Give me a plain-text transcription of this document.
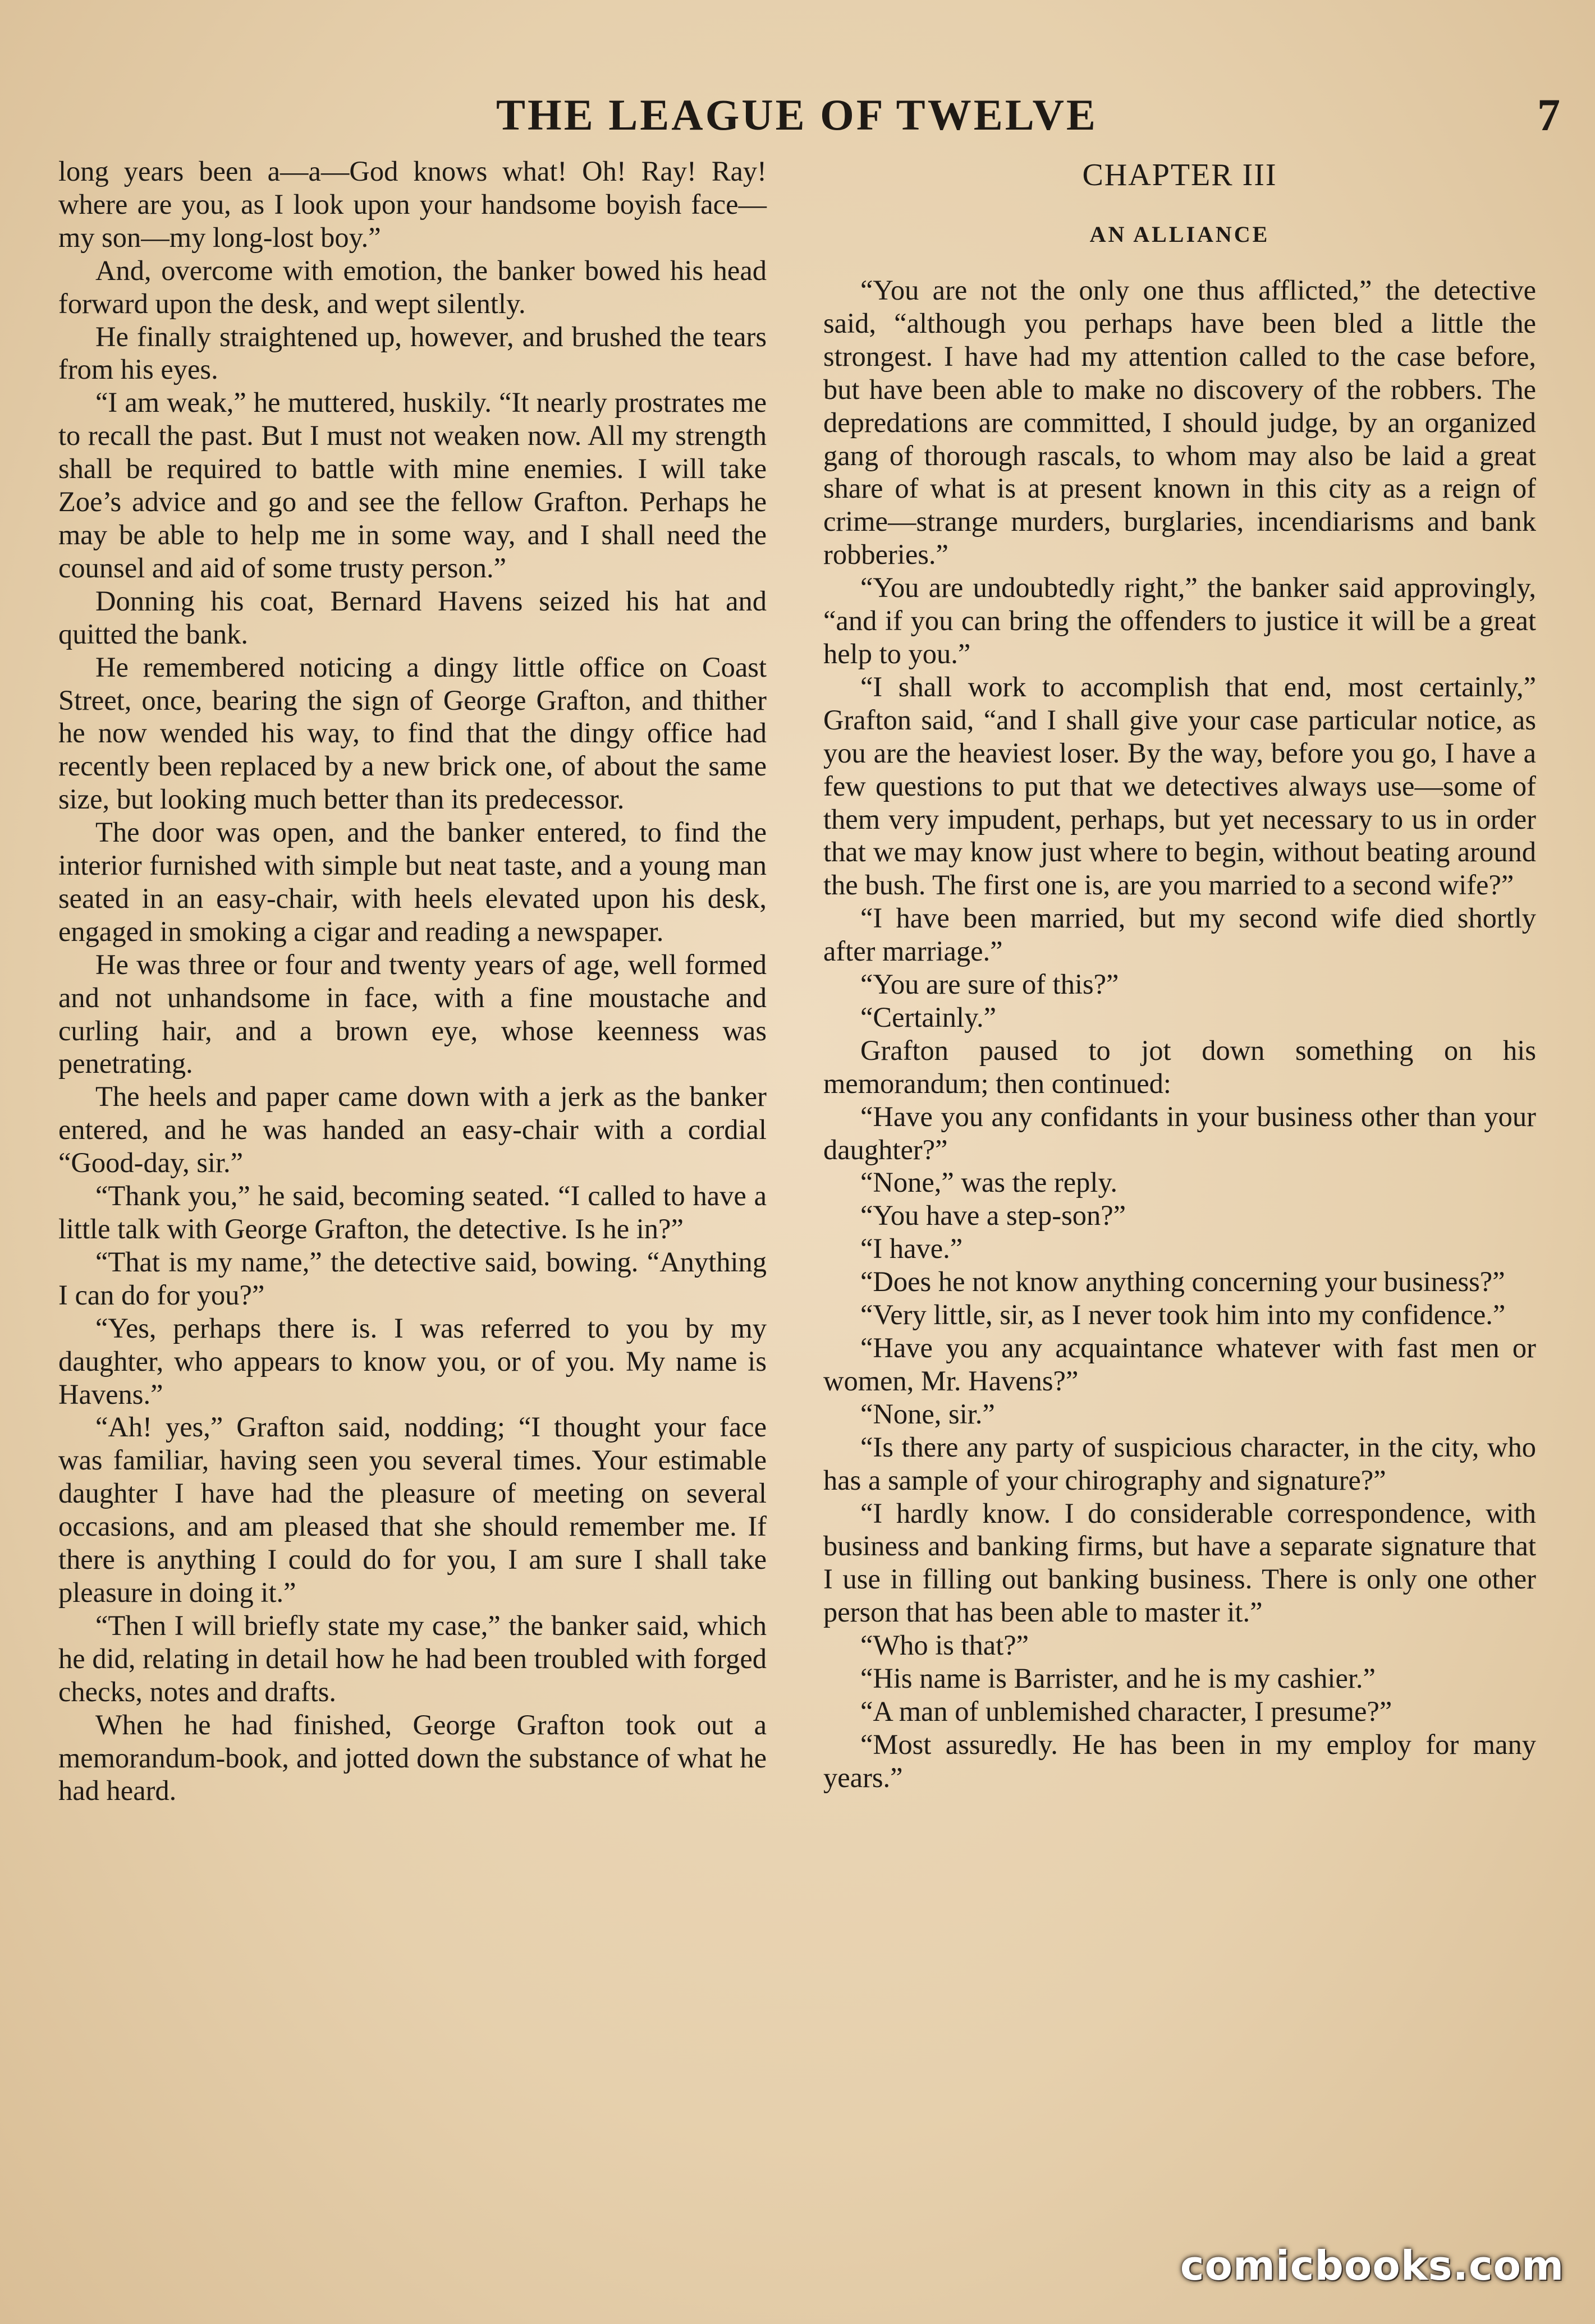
THE LEAGUE OF TWELVE	7

long years been a—a—God knows what! Oh! Ray! Ray! where are you, as I look upon your handsome boyish face—my son—my long-lost boy.”

And, overcome with emotion, the banker bowed his head forward upon the desk, and wept silently.

He finally straightened up, however, and brushed the tears from his eyes.

“I am weak,” he muttered, huskily. “It nearly prostrates me to recall the past. But I must not weaken now. All my strength shall be required to battle with mine enemies. I will take Zoe’s advice and go and see the fellow Grafton. Perhaps he may be able to help me in some way, and I shall need the counsel and aid of some trusty person.”

Donning his coat, Bernard Havens seized his hat and quitted the bank.

He remembered noticing a dingy little office on Coast Street, once, bearing the sign of George Grafton, and thither he now wended his way, to find that the dingy office had recently been replaced by a new brick one, of about the same size, but looking much better than its predecessor.

The door was open, and the banker entered, to find the interior furnished with simple but neat taste, and a young man seated in an easy-chair, with heels elevated upon his desk, engaged in smoking a cigar and reading a newspaper.

He was three or four and twenty years of age, well formed and not unhandsome in face, with a fine moustache and curling hair, and a brown eye, whose keenness was penetrating.

The heels and paper came down with a jerk as the banker entered, and he was handed an easy-chair with a cordial “Good-day, sir.”

“Thank you,” he said, becoming seated. “I called to have a little talk with George Grafton, the detective. Is he in?”

“That is my name,” the detective said, bowing. “Anything I can do for you?”

“Yes, perhaps there is. I was referred to you by my daughter, who appears to know you, or of you. My name is Havens.”

“Ah! yes,” Grafton said, nodding; “I thought your face was familiar, having seen you several times. Your estimable daughter I have had the pleasure of meeting on several occasions, and am pleased that she should remember me. If there is anything I could do for you, I am sure I shall take pleasure in doing it.”

“Then I will briefly state my case,” the banker said, which he did, relating in detail how he had been troubled with forged checks, notes and drafts.

When he had finished, George Grafton took out a memorandum-book, and jotted down the substance of what he had heard.

CHAPTER III
AN ALLIANCE

“You are not the only one thus afflicted,” the detective said, “although you perhaps have been bled a little the strongest. I have had my attention called to the case before, but have been able to make no discovery of the robbers. The depredations are committed, I should judge, by an organized gang of thorough rascals, to whom may also be laid a great share of what is at present known in this city as a reign of crime—strange murders, burglaries, incendiarisms and bank robberies.”

“You are undoubtedly right,” the banker said approvingly, “and if you can bring the offenders to justice it will be a great help to you.”

“I shall work to accomplish that end, most certainly,” Grafton said, “and I shall give your case particular notice, as you are the heaviest loser. By the way, before you go, I have a few questions to put that we detectives always use—some of them very impudent, perhaps, but yet necessary to us in order that we may know just where to begin, without beating around the bush. The first one is, are you married to a second wife?”

“I have been married, but my second wife died shortly after marriage.”

“You are sure of this?”

“Certainly.”

Grafton paused to jot down something on his memorandum; then continued:

“Have you any confidants in your business other than your daughter?”

“None,” was the reply.

“You have a step-son?”

“I have.”

“Does he not know anything concerning your business?”

“Very little, sir, as I never took him into my confidence.”

“Have you any acquaintance whatever with fast men or women, Mr. Havens?”

“None, sir.”

“Is there any party of suspicious character, in the city, who has a sample of your chirography and signature?”

“I hardly know. I do considerable correspondence, with business and banking firms, but have a separate signature that I use in filling out banking business. There is only one other person that has been able to master it.”

“Who is that?”

“His name is Barrister, and he is my cashier.”

“A man of unblemished character, I presume?”

“Most assuredly. He has been in my employ for many years.”

comicbooks.com
